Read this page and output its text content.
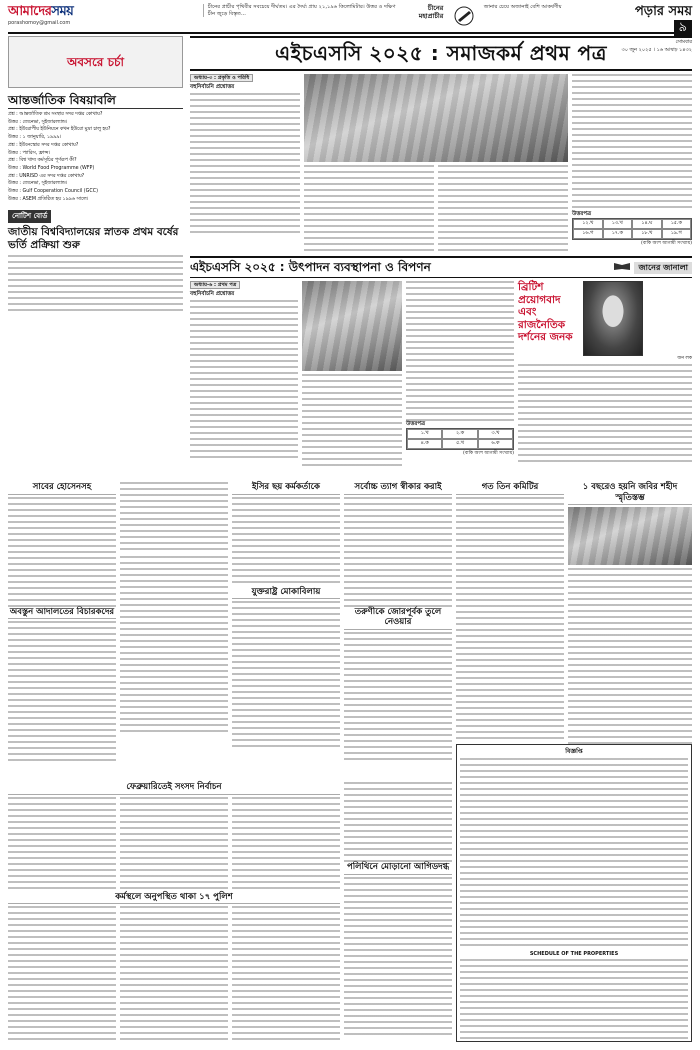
আমাদেরসময়
porashomoy@gmail.com
চীনের প্রাচীর পৃথিবীর সবচেয়ে দীর্ঘতম। এর দৈর্ঘ্য প্রায় ২১,১৯৬ কিলোমিটার। উত্তর ও দক্ষিণ চীন জুড়ে বিস্তৃত...
চীনের মহাপ্রাচীর
জানার চেয়ে অজানাই বেশি আকর্ষণীয়	পড়ার সময়৯
সোমবার
৩০ জুন ২০২৫ । ১৬ আষাঢ় ১৪৩২
অবসরে চর্চা
আন্তর্জাতিক বিষয়াবলি
প্রশ্ন : আন্তর্জাতিক শ্রম সংস্থার সদর দপ্তর কোথায়?
উত্তর : জেনেভা, সুইজারল্যান্ড।
প্রশ্ন : ইউরোপীয় ইউনিয়নে কখন ইউরো মুদ্রা চালু হয়?
উত্তর : ১ জানুয়ারি, ১৯৯৯।
প্রশ্ন : ইউনেস্কোর সদর দপ্তর কোথায়?
উত্তর : প্যারিস, ফ্রান্স।
প্রশ্ন : বিশ্ব খাদ্য কর্মসূচির পূর্ণরূপ কী?
উত্তর : World Food Programme (WFP)
প্রশ্ন : UNRISD এর সদর দপ্তর কোথায়?
উত্তর : জেনেভা, সুইজারল্যান্ড।
উত্তর : Gulf Cooperation Council (GCC)
উত্তর : ASEM প্রতিষ্ঠিত হয় ১৯৯৬ সালে।
নোটিশ বোর্ড
জাতীয় বিশ্ববিদ্যালয়ের স্নাতক প্রথম বর্ষের ভর্তি প্রক্রিয়া শুরু
এইচএসসি ২০২৫ : সমাজকর্ম প্রথম পত্র
অধ্যায়-৩ : প্রকৃতি ও পরিধি
বহুনির্বাচনি প্রশ্নোত্তর
উত্তরপত্র
১২.খ	১৩.খ	১৪.ঘ	১৫.ক
১৬.গ	১৭.ক	১৮.খ	১৯.গ
(বাকি অংশ আগামী সংখ্যায়)
এইচএসসি ২০২৫ : উৎপাদন ব্যবস্থাপনা ও বিপণন	জানের জানালা
অধ্যায়-৬ : প্রথম পত্র
বহুনির্বাচনি প্রশ্নোত্তর
উত্তরপত্র
১.খ	২.ক	৩.খ
৪.ক	৫.খ	৬.ক
(বাকি অংশ আগামী সংখ্যায়)
ব্রিটিশ প্রয়োগবাদ এবং রাজনৈতিক দর্শনের জনক
জন লক
সাবের হোসেনসহ
অবস্তুন আদালতের বিচারকদের
ইসির ছয় কর্মকর্তাকে
যুক্তরাষ্ট্র মোকাবিলায়
সর্বোচ্চ ত্যাগ স্বীকার করাই
তরুণীকে জোরপূর্বক তুলে নেওয়ার
গত তিন কমিটির	১ বছরেও হয়নি জবির শহীদ স্মৃতিস্তম্ভ
ফেব্রুয়ারিতেই সংসদ নির্বাচন
কর্মস্থলে অনুপস্থিত থাকা ১৭ পুলিশ
পলিথিনে মোড়ানো আগিডদগ্ধ
বিজ্ঞপ্তি
SCHEDULE OF THE PROPERTIES
